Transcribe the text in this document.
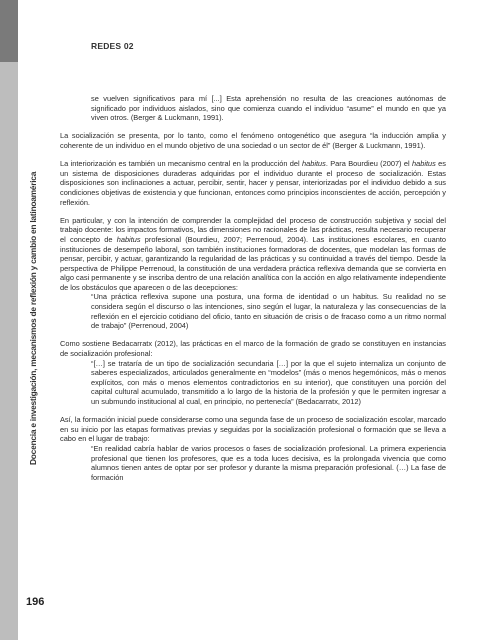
REDES 02
Docencia e investigación, mecanismos de reflexión y cambio en latinoamérica

se vuelven significativos para mí [...] Esta aprehensión no resulta de las creaciones autónomas de significado por individuos aislados, sino que comienza cuando el individuo “asume” el mundo en que ya viven otros. (Berger & Luckmann, 1991).

La socialización se presenta, por lo tanto, como el fenómeno ontogenético que asegura “la inducción amplia y coherente de un individuo en el mundo objetivo de una sociedad o un sector de él” (Berger & Luckmann, 1991).

La interiorización es también un mecanismo central en la producción del habitus. Para Bourdieu (2007) el habitus es un sistema de disposiciones duraderas adquiridas por el individuo durante el proceso de socialización. Estas disposiciones son inclinaciones a actuar, percibir, sentir, hacer y pensar, interiorizadas por el individuo debido a sus condiciones objetivas de existencia y que funcionan, entonces como principios inconscientes de acción, percepción y reflexión.

En particular, y con la intención de comprender la complejidad del proceso de construcción subjetiva y social del trabajo docente: los impactos formativos, las dimensiones no racionales de las prácticas, resulta necesario recuperar el concepto de habitus profesional (Bourdieu, 2007; Perrenoud, 2004). Las instituciones escolares, en cuanto instituciones de desempeño laboral, son también instituciones formadoras de docentes, que modelan las formas de pensar, percibir, y actuar, garantizando la regularidad de las prácticas y su continuidad a través del tiempo. Desde la perspectiva de Philippe Perrenoud, la constitución de una verdadera práctica reflexiva demanda que se convierta en algo casi permanente y se inscriba dentro de una relación analítica con la acción en algo relativamente independiente de los obstáculos que aparecen o de las decepciones:

“Una práctica reflexiva supone una postura, una forma de identidad o un habitus. Su realidad no se considera según el discurso o las intenciones, sino según el lugar, la naturaleza y las consecuencias de la reflexión en el ejercicio cotidiano del oficio, tanto en situación de crisis o de fracaso como a un ritmo normal de trabajo” (Perrenoud, 2004)

Como sostiene Bedacarratx (2012), las prácticas en el marco de la formación de grado se constituyen en instancias de socialización profesional:

“[…] se trataría de un tipo de socialización secundaria […] por la que el sujeto internaliza un conjunto de saberes especializados, articulados generalmente en “modelos” (más o menos hegemónicos, más o menos explícitos, con más o menos elementos contradictorios en su interior), que constituyen una porción del capital cultural acumulado, transmitido a lo largo de la historia de la profesión y que le permiten ingresar a un submundo institucional al cual, en principio, no pertenecía” (Bedacarratx, 2012)

Así, la formación inicial puede considerarse como una segunda fase de un proceso de socialización escolar, marcado en su inicio por las etapas formativas previas y seguidas por la socialización profesional o formación que se lleva a cabo en el lugar de trabajo:

“En realidad cabría hablar de varios procesos o fases de socialización profesional. La primera experiencia profesional que tienen los profesores, que es a toda luces decisiva, es la prolongada vivencia que como alumnos tienen antes de optar por ser profesor y durante la misma preparación profesional. (…) La fase de formación

196
